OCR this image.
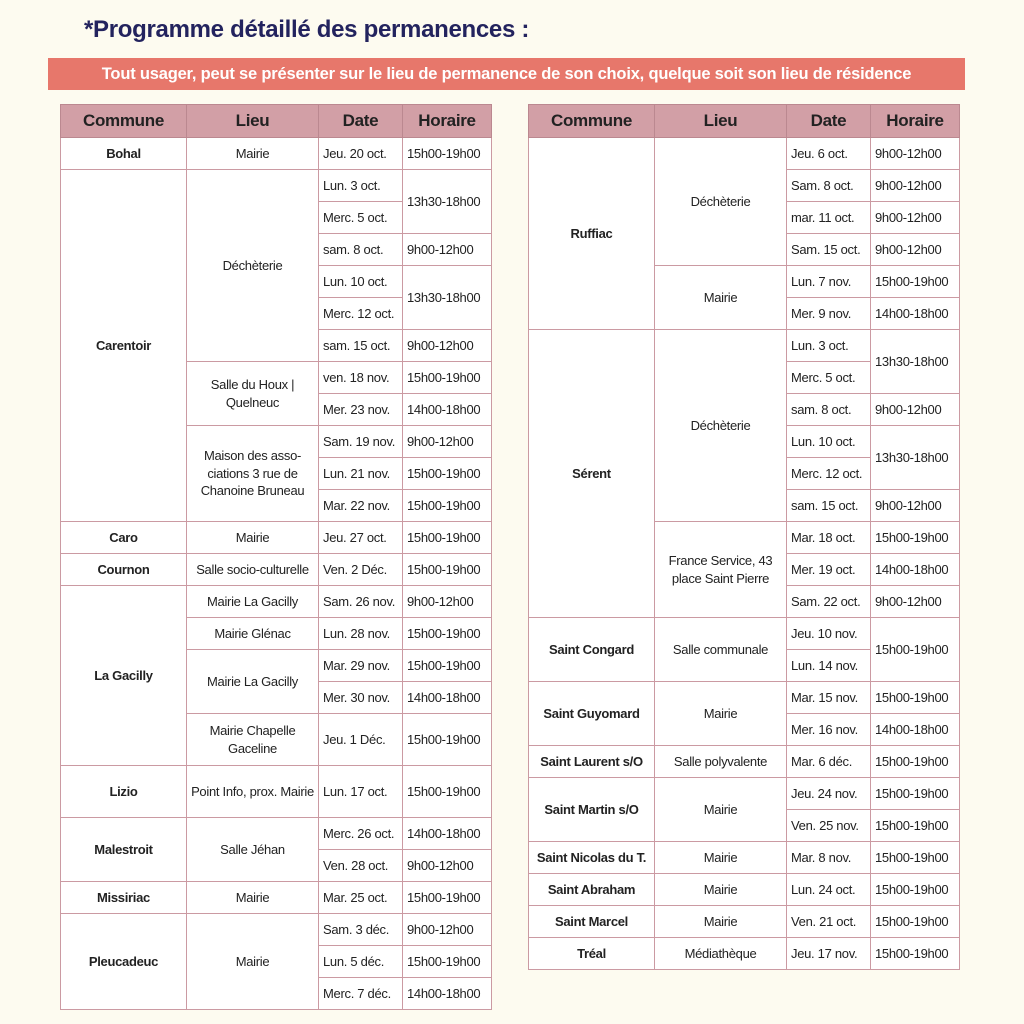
*Programme détaillé des permanences :
Tout usager, peut se présenter sur le lieu de permanence de son choix, quelque soit son lieu de résidence
Commune	Lieu	Date	Horaire
Bohal	Mairie	Jeu. 20 oct.	15h00-19h00
Carentoir	Déchèterie	Lun. 3 oct.	13h30-18h00
		Merc. 5 oct.	
		sam. 8 oct.	9h00-12h00
		Lun. 10 oct.	13h30-18h00
		Merc. 12 oct.	
		sam. 15 oct.	9h00-12h00
	Salle du Houx | Quelneuc	ven. 18 nov.	15h00-19h00
		Mer. 23 nov.	14h00-18h00
	Maison des asso-ciations 3 rue de Chanoine Bruneau	Sam. 19 nov.	9h00-12h00
		Lun. 21 nov.	15h00-19h00
		Mar. 22 nov.	15h00-19h00
Caro	Mairie	Jeu. 27 oct.	15h00-19h00
Cournon	Salle socio-culturelle	Ven. 2 Déc.	15h00-19h00
La Gacilly	Mairie La Gacilly	Sam. 26 nov.	9h00-12h00
	Mairie Glénac	Lun. 28 nov.	15h00-19h00
	Mairie La Gacilly	Mar. 29 nov.	15h00-19h00
		Mer. 30 nov.	14h00-18h00
	Mairie Chapelle Gaceline	Jeu. 1 Déc.	15h00-19h00
Lizio	Point Info, prox. Mairie	Lun. 17 oct.	15h00-19h00
Malestroit	Salle Jéhan	Merc. 26 oct.	14h00-18h00
		Ven. 28 oct.	9h00-12h00
Missiriac	Mairie	Mar. 25 oct.	15h00-19h00
Pleucadeuc	Mairie	Sam. 3 déc.	9h00-12h00
		Lun. 5 déc.	15h00-19h00
		Merc. 7 déc.	14h00-18h00
Commune	Lieu	Date	Horaire
Ruffiac	Déchèterie	Jeu. 6 oct.	9h00-12h00
		Sam. 8 oct.	9h00-12h00
		mar. 11 oct.	9h00-12h00
		Sam. 15 oct.	9h00-12h00
	Mairie	Lun. 7 nov.	15h00-19h00
		Mer. 9 nov.	14h00-18h00
Sérent	Déchèterie	Lun. 3 oct.	13h30-18h00
		Merc. 5 oct.	
		sam. 8 oct.	9h00-12h00
		Lun. 10 oct.	13h30-18h00
		Merc. 12 oct.	
		sam. 15 oct.	9h00-12h00
	France Service, 43 place Saint Pierre	Mar. 18 oct.	15h00-19h00
		Mer. 19 oct.	14h00-18h00
		Sam. 22 oct.	9h00-12h00
Saint Congard	Salle communale	Jeu. 10 nov.	15h00-19h00
		Lun. 14 nov.	
Saint Guyomard	Mairie	Mar. 15 nov.	15h00-19h00
		Mer. 16 nov.	14h00-18h00
Saint Laurent s/O	Salle polyvalente	Mar. 6 déc.	15h00-19h00
Saint Martin s/O	Mairie	Jeu. 24 nov.	15h00-19h00
		Ven. 25 nov.	15h00-19h00
Saint Nicolas du T.	Mairie	Mar. 8 nov.	15h00-19h00
Saint Abraham	Mairie	Lun. 24 oct.	15h00-19h00
Saint Marcel	Mairie	Ven. 21 oct.	15h00-19h00
Tréal	Médiathèque	Jeu. 17 nov.	15h00-19h00
